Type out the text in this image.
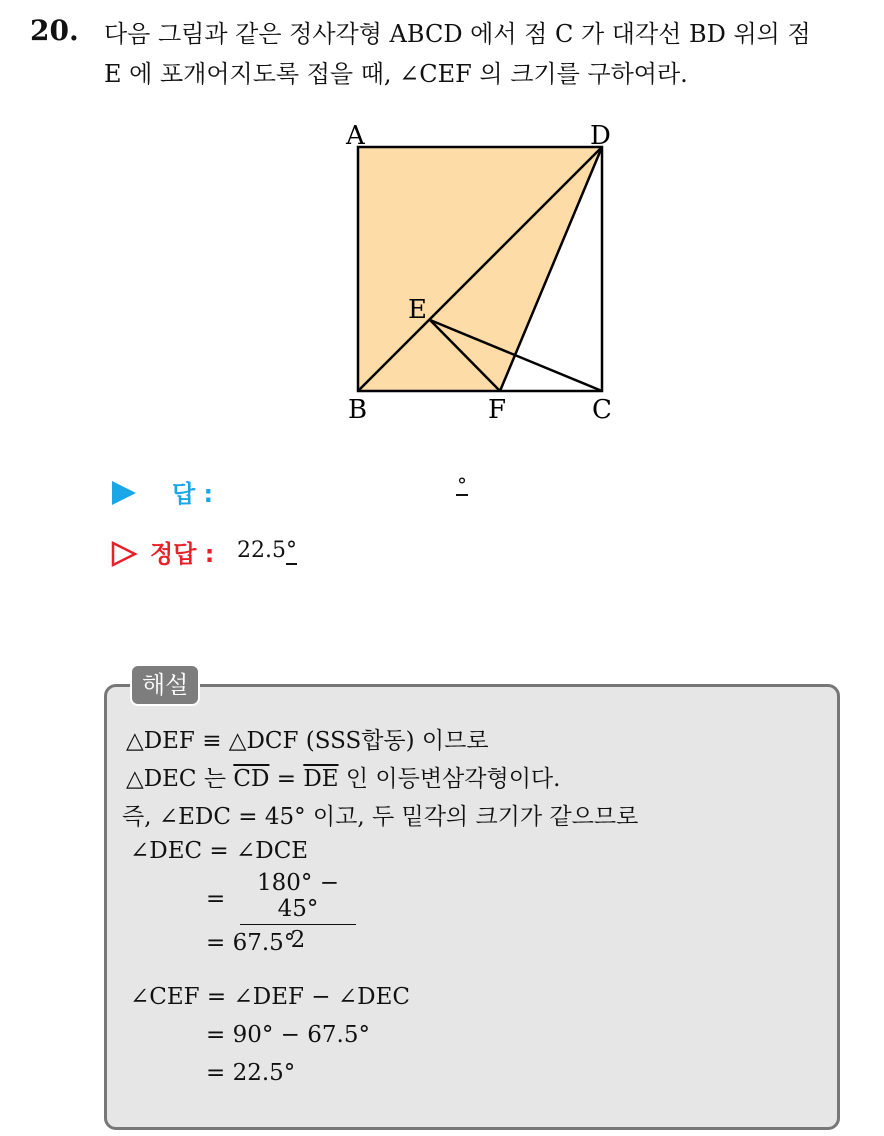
20. 다음 그림과 같은 정사각형 ABCD 에서 점 C 가 대각선 BD 위의 점
E 에 포개어지도록 접을 때, ∠CEF 의 크기를 구하여라.
A	D
E
B	F	C
답 :	°
정답 : 22.5°
해설
△DEF ≡ △DCF (SSS합동) 이므로
△DEC 는 $\overline{CD} = \overline{DE}$ 인 이등변삼각형이다.
즉, ∠EDC = 45° 이고, 두 밑각의 크기가 같으므로
∠DEC = ∠DCE
= $\frac{180^\circ - 45^\circ}{2}$
= 67.5°
∠CEF = ∠DEF − ∠DEC
= 90° − 67.5°
= 22.5°
